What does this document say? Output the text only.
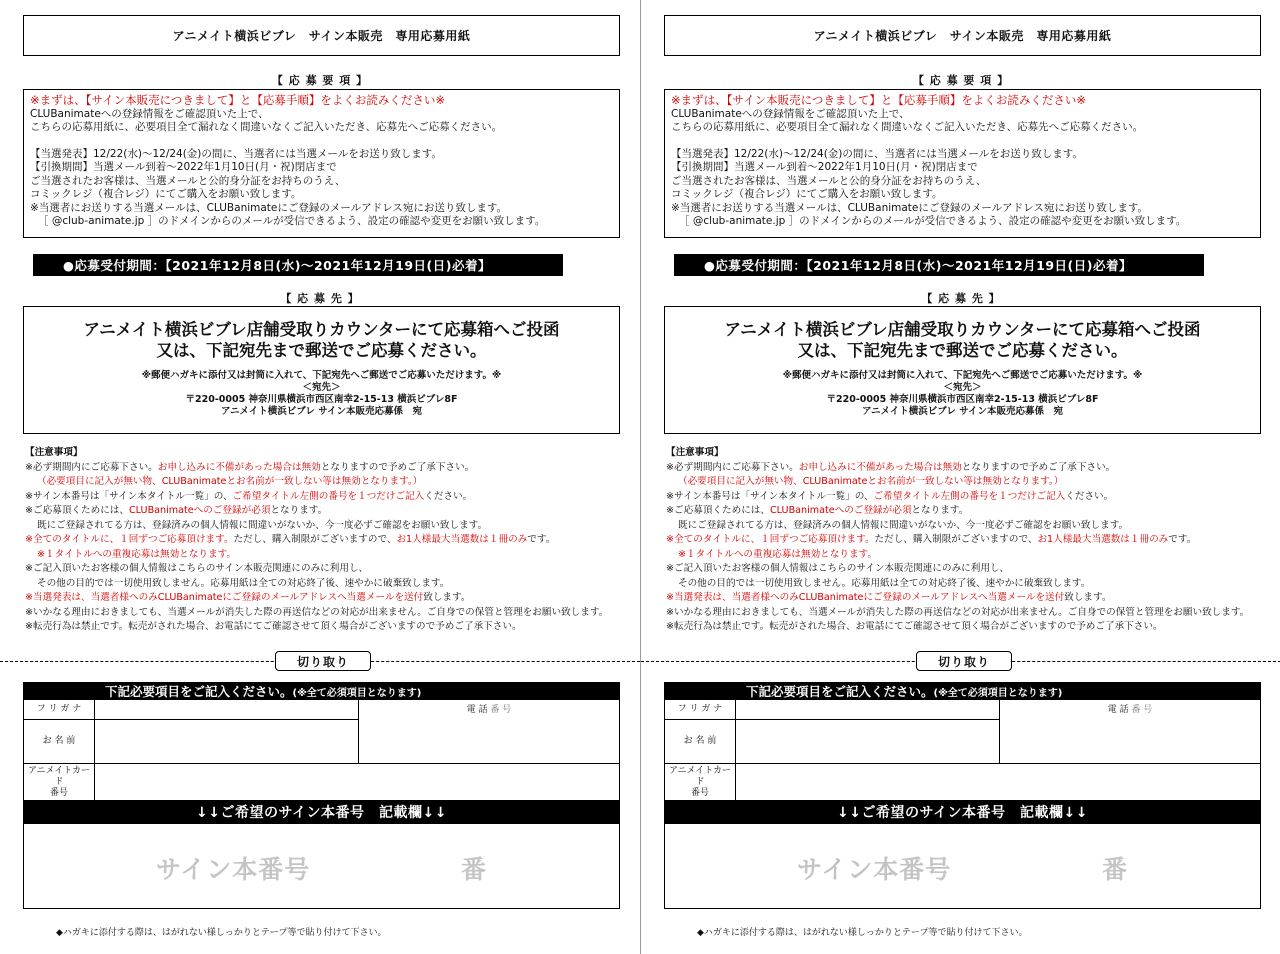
アニメイト横浜ビブレ　サイン本販売　専用応募用紙
【 応 募 要 項 】
※まずは、【サイン本販売につきまして】と【応募手順】をよくお読みください※
CLUBanimateへの登録情報をご確認頂いた上で、
こちらの応募用紙に、必要項目全て漏れなく間違いなくご記入いただき、応募先へご応募ください。
【当選発表】12/22(水)～12/24(金)の間に、当選者には当選メールをお送り致します。
【引換期間】当選メール到着～2022年1月10日(月・祝)閉店まで
ご当選されたお客様は、当選メールと公的身分証をお持ちのうえ、
コミックレジ（複合レジ）にてご購入をお願い致します。
※当選者にお送りする当選メールは、CLUBanimateにご登録のメールアドレス宛にお送り致します。
［ @club-animate.jp ］のドメインからのメールが受信できるよう、設定の確認や変更をお願い致します。
●応募受付期間：【2021年12月8日(水)～2021年12月19日(日)必着】
【 応 募 先 】
アニメイト横浜ビブレ店舗受取りカウンターにて応募箱へご投函
又は、下記宛先まで郵送でご応募ください。
※郵便ハガキに添付又は封筒に入れて、下記宛先へご郵送でご応募いただけます。※
＜宛先＞
〒220-0005 神奈川県横浜市西区南幸2-15-13 横浜ビブレ8F
アニメイト横浜ビブレ サイン本販売応募係　宛
【注意事項】
※必ず期間内にご応募下さい。お申し込みに不備があった場合は無効となりますので予めご了承下さい。
（必要項目に記入が無い物、CLUBanimateとお名前が一致しない等は無効となります。）
※サイン本番号は「サイン本タイトル一覧」の、ご希望タイトル左側の番号を１つだけご記入ください。
※ご応募頂くためには、CLUBanimateへのご登録が必須となります。
既にご登録されてる方は、登録済みの個人情報に間違いがないか、今一度必ずご確認をお願い致します。
※全てのタイトルに、１回ずつご応募頂けます。ただし、購入制限がございますので、お1人様最大当選数は１冊のみです。
※１タイトルへの重複応募は無効となります。
※ご記入頂いたお客様の個人情報はこちらのサイン本販売関連にのみに利用し、
その他の目的では一切使用致しません。応募用紙は全ての対応終了後、速やかに破棄致します。
※当選発表は、当選者様へのみCLUBanimateにご登録のメールアドレスへ当選メールを送付致します。
※いかなる理由におきましても、当選メールが消失した際の再送信などの対応が出来ません。ご自身での保管と管理をお願い致します。
※転売行為は禁止です。転売がされた場合、お電話にてご確認させて頂く場合がございますので予めご了承下さい。
切り取り
下記必要項目をご記入ください。 (※全て必須項目となります)
フ リ ガ ナ	電 話 番 号
お 名 前
アニメイトカード
番号
↓↓ご希望のサイン本番号　記載欄↓↓
サイン本番号	番
◆ハガキに添付する際は、はがれない様しっかりとテープ等で貼り付けて下さい。
アニメイト横浜ビブレ　サイン本販売　専用応募用紙
【 応 募 要 項 】
※まずは、【サイン本販売につきまして】と【応募手順】をよくお読みください※
CLUBanimateへの登録情報をご確認頂いた上で、
こちらの応募用紙に、必要項目全て漏れなく間違いなくご記入いただき、応募先へご応募ください。
【当選発表】12/22(水)～12/24(金)の間に、当選者には当選メールをお送り致します。
【引換期間】当選メール到着～2022年1月10日(月・祝)閉店まで
ご当選されたお客様は、当選メールと公的身分証をお持ちのうえ、
コミックレジ（複合レジ）にてご購入をお願い致します。
※当選者にお送りする当選メールは、CLUBanimateにご登録のメールアドレス宛にお送り致します。
［ @club-animate.jp ］のドメインからのメールが受信できるよう、設定の確認や変更をお願い致します。
●応募受付期間：【2021年12月8日(水)～2021年12月19日(日)必着】
【 応 募 先 】
アニメイト横浜ビブレ店舗受取りカウンターにて応募箱へご投函
又は、下記宛先まで郵送でご応募ください。
※郵便ハガキに添付又は封筒に入れて、下記宛先へご郵送でご応募いただけます。※
＜宛先＞
〒220-0005 神奈川県横浜市西区南幸2-15-13 横浜ビブレ8F
アニメイト横浜ビブレ サイン本販売応募係　宛
【注意事項】
※必ず期間内にご応募下さい。お申し込みに不備があった場合は無効となりますので予めご了承下さい。
（必要項目に記入が無い物、CLUBanimateとお名前が一致しない等は無効となります。）
※サイン本番号は「サイン本タイトル一覧」の、ご希望タイトル左側の番号を１つだけご記入ください。
※ご応募頂くためには、CLUBanimateへのご登録が必須となります。
既にご登録されてる方は、登録済みの個人情報に間違いがないか、今一度必ずご確認をお願い致します。
※全てのタイトルに、１回ずつご応募頂けます。ただし、購入制限がございますので、お1人様最大当選数は１冊のみです。
※１タイトルへの重複応募は無効となります。
※ご記入頂いたお客様の個人情報はこちらのサイン本販売関連にのみに利用し、
その他の目的では一切使用致しません。応募用紙は全ての対応終了後、速やかに破棄致します。
※当選発表は、当選者様へのみCLUBanimateにご登録のメールアドレスへ当選メールを送付致します。
※いかなる理由におきましても、当選メールが消失した際の再送信などの対応が出来ません。ご自身での保管と管理をお願い致します。
※転売行為は禁止です。転売がされた場合、お電話にてご確認させて頂く場合がございますので予めご了承下さい。
切り取り
下記必要項目をご記入ください。 (※全て必須項目となります)
フ リ ガ ナ	電 話 番 号
お 名 前
アニメイトカード
番号
↓↓ご希望のサイン本番号　記載欄↓↓
サイン本番号	番
◆ハガキに添付する際は、はがれない様しっかりとテープ等で貼り付けて下さい。
